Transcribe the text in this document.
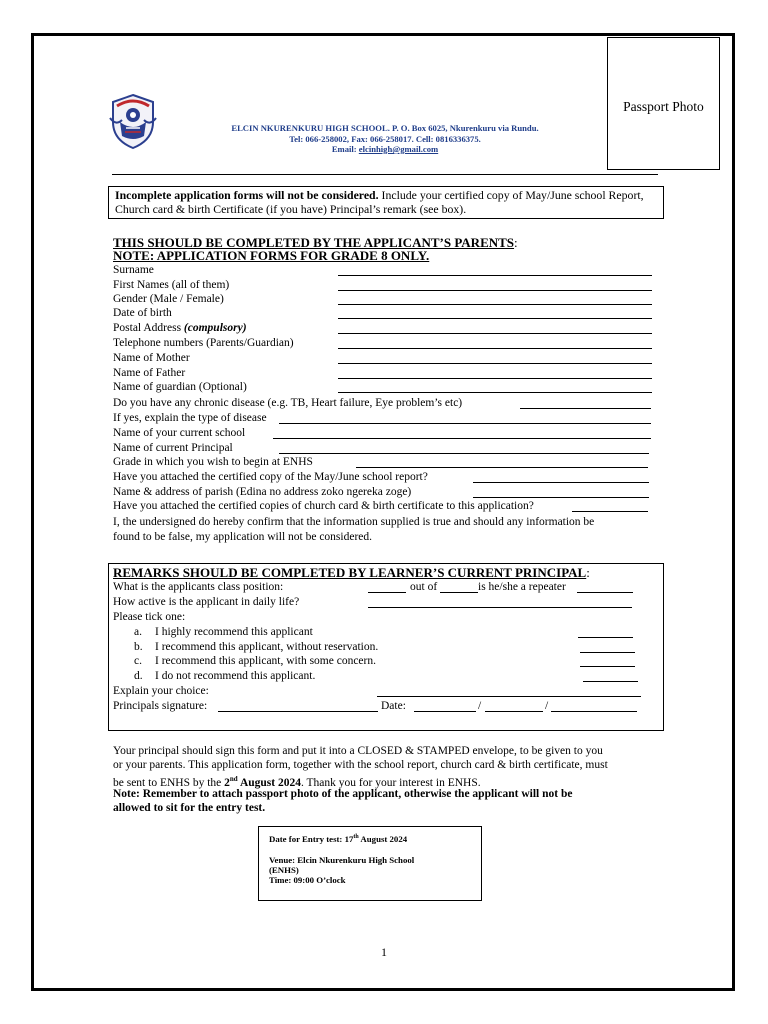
ELCIN NKURENKURU HIGH SCHOOL. P. O. Box 6025, Nkurenkuru via Rundu.
Tel: 066-258002, Fax: 066-258017. Cell: 0816336375.
Email: elcinhigh@gmail.com
Passport Photo
Incomplete application forms will not be considered. Include your certified copy of May/June school Report, Church card & birth Certificate (if you have) Principal’s remark (see box).
THIS SHOULD BE COMPLETED BY THE APPLICANT’S PARENTS:
NOTE: APPLICATION FORMS FOR GRADE 8 ONLY.
Surname
First Names (all of them)
Gender (Male / Female)
Date of birth
Postal Address (compulsory)
Telephone numbers (Parents/Guardian)
Name of Mother
Name of Father
Name of guardian (Optional)
Do you have any chronic disease (e.g. TB, Heart failure, Eye problem’s etc)
If yes, explain the type of disease
Name of your current school
Name of current Principal
Grade in which you wish to begin at ENHS
Have you attached the certified copy of the May/June school report?
Name & address of parish (Edina no address zoko ngereka zoge)
Have you attached the certified copies of church card & birth certificate to this application?
I, the undersigned do hereby confirm that the information supplied is true and should any information be
found to be false, my application will not be considered.
REMARKS SHOULD BE COMPLETED BY LEARNER’S CURRENT PRINCIPAL:
What is the applicants class position:	out of	is he/she a repeater
How active is the applicant in daily life?
Please tick one:
a. I highly recommend this applicant
b. I recommend this applicant, without reservation.
c. I recommend this applicant, with some concern.
d. I do not recommend this applicant.
Explain your choice:
Principals signature:	Date:	/	/
Your principal should sign this form and put it into a CLOSED & STAMPED envelope, to be given to you
or your parents. This application form, together with the school report, church card & birth certificate, must
be sent to ENHS by the 2nd August 2024. Thank you for your interest in ENHS.
Note: Remember to attach passport photo of the applicant, otherwise the applicant will not be
allowed to sit for the entry test.
Date for Entry test: 17th August 2024
Venue: Elcin Nkurenkuru High School
(ENHS)
Time: 09:00 O’clock
1
